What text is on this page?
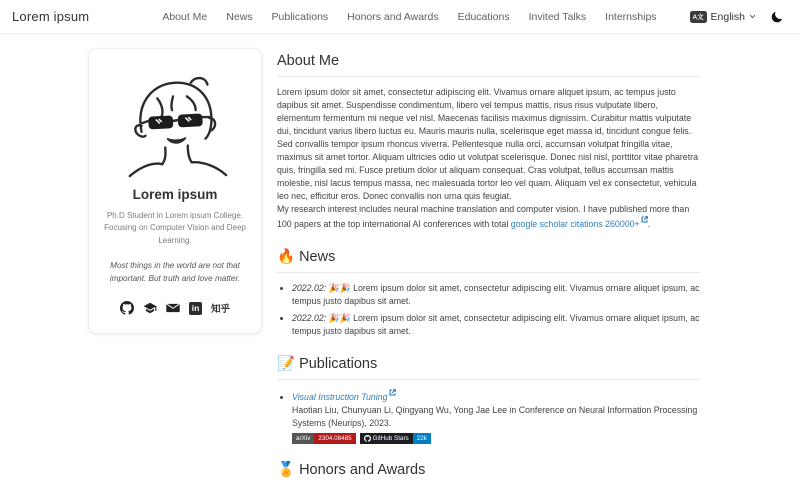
Lorem ipsum	About Me News Publications Honors and Awards Educations Invited Talks Internships	A文 English
Lorem ipsum
Ph.D Student in Lorem ipsum College. Focusing on Computer Vision and Deep Learning.
Most things in the world are not that important. But truth and love matter.
in 知乎
About Me

Lorem ipsum dolor sit amet, consectetur adipiscing elit. Vivamus ornare aliquet ipsum, ac tempus justo dapibus sit amet. Suspendisse condimentum, libero vel tempus mattis, risus risus vulputate libero, elementum fermentum mi neque vel nisl. Maecenas facilisis maximus dignissim. Curabitur mattis vulputate dui, tincidunt varius libero luctus eu. Mauris mauris nulla, scelerisque eget massa id, tincidunt congue felis. Sed convallis tempor ipsum rhoncus viverra. Pellentesque nulla orci, accumsan volutpat fringilla vitae, maximus sit amet tortor. Aliquam ultricies odio ut volutpat scelerisque. Donec nisl nisl, porttitor vitae pharetra quis, fringilla sed mi. Fusce pretium dolor ut aliquam consequat. Cras volutpat, tellus accumsan mattis molestie, nisl lacus tempus massa, nec malesuada tortor leo vel quam. Aliquam vel ex consectetur, vehicula leo nec, efficitur eros. Donec convallis non urna quis feugiat.

My research interest includes neural machine translation and computer vision. I have published more than 100 papers at the top international AI conferences with total google scholar citations 260000+ .

🔥 News
• 2022.02: 🎉🎉 Lorem ipsum dolor sit amet, consectetur adipiscing elit. Vivamus ornare aliquet ipsum, ac tempus justo dapibus sit amet.
• 2022.02: 🎉🎉 Lorem ipsum dolor sit amet, consectetur adipiscing elit. Vivamus ornare aliquet ipsum, ac tempus justo dapibus sit amet.
📝 Publications
• Visual Instruction Tuning
Haotian Liu, Chunyuan Li, Qingyang Wu, Yong Jae Lee in Conference on Neural Information Processing Systems (Neurips), 2023.
arXiv	2304.08485	GitHub Stars	22k
🏅 Honors and Awards
